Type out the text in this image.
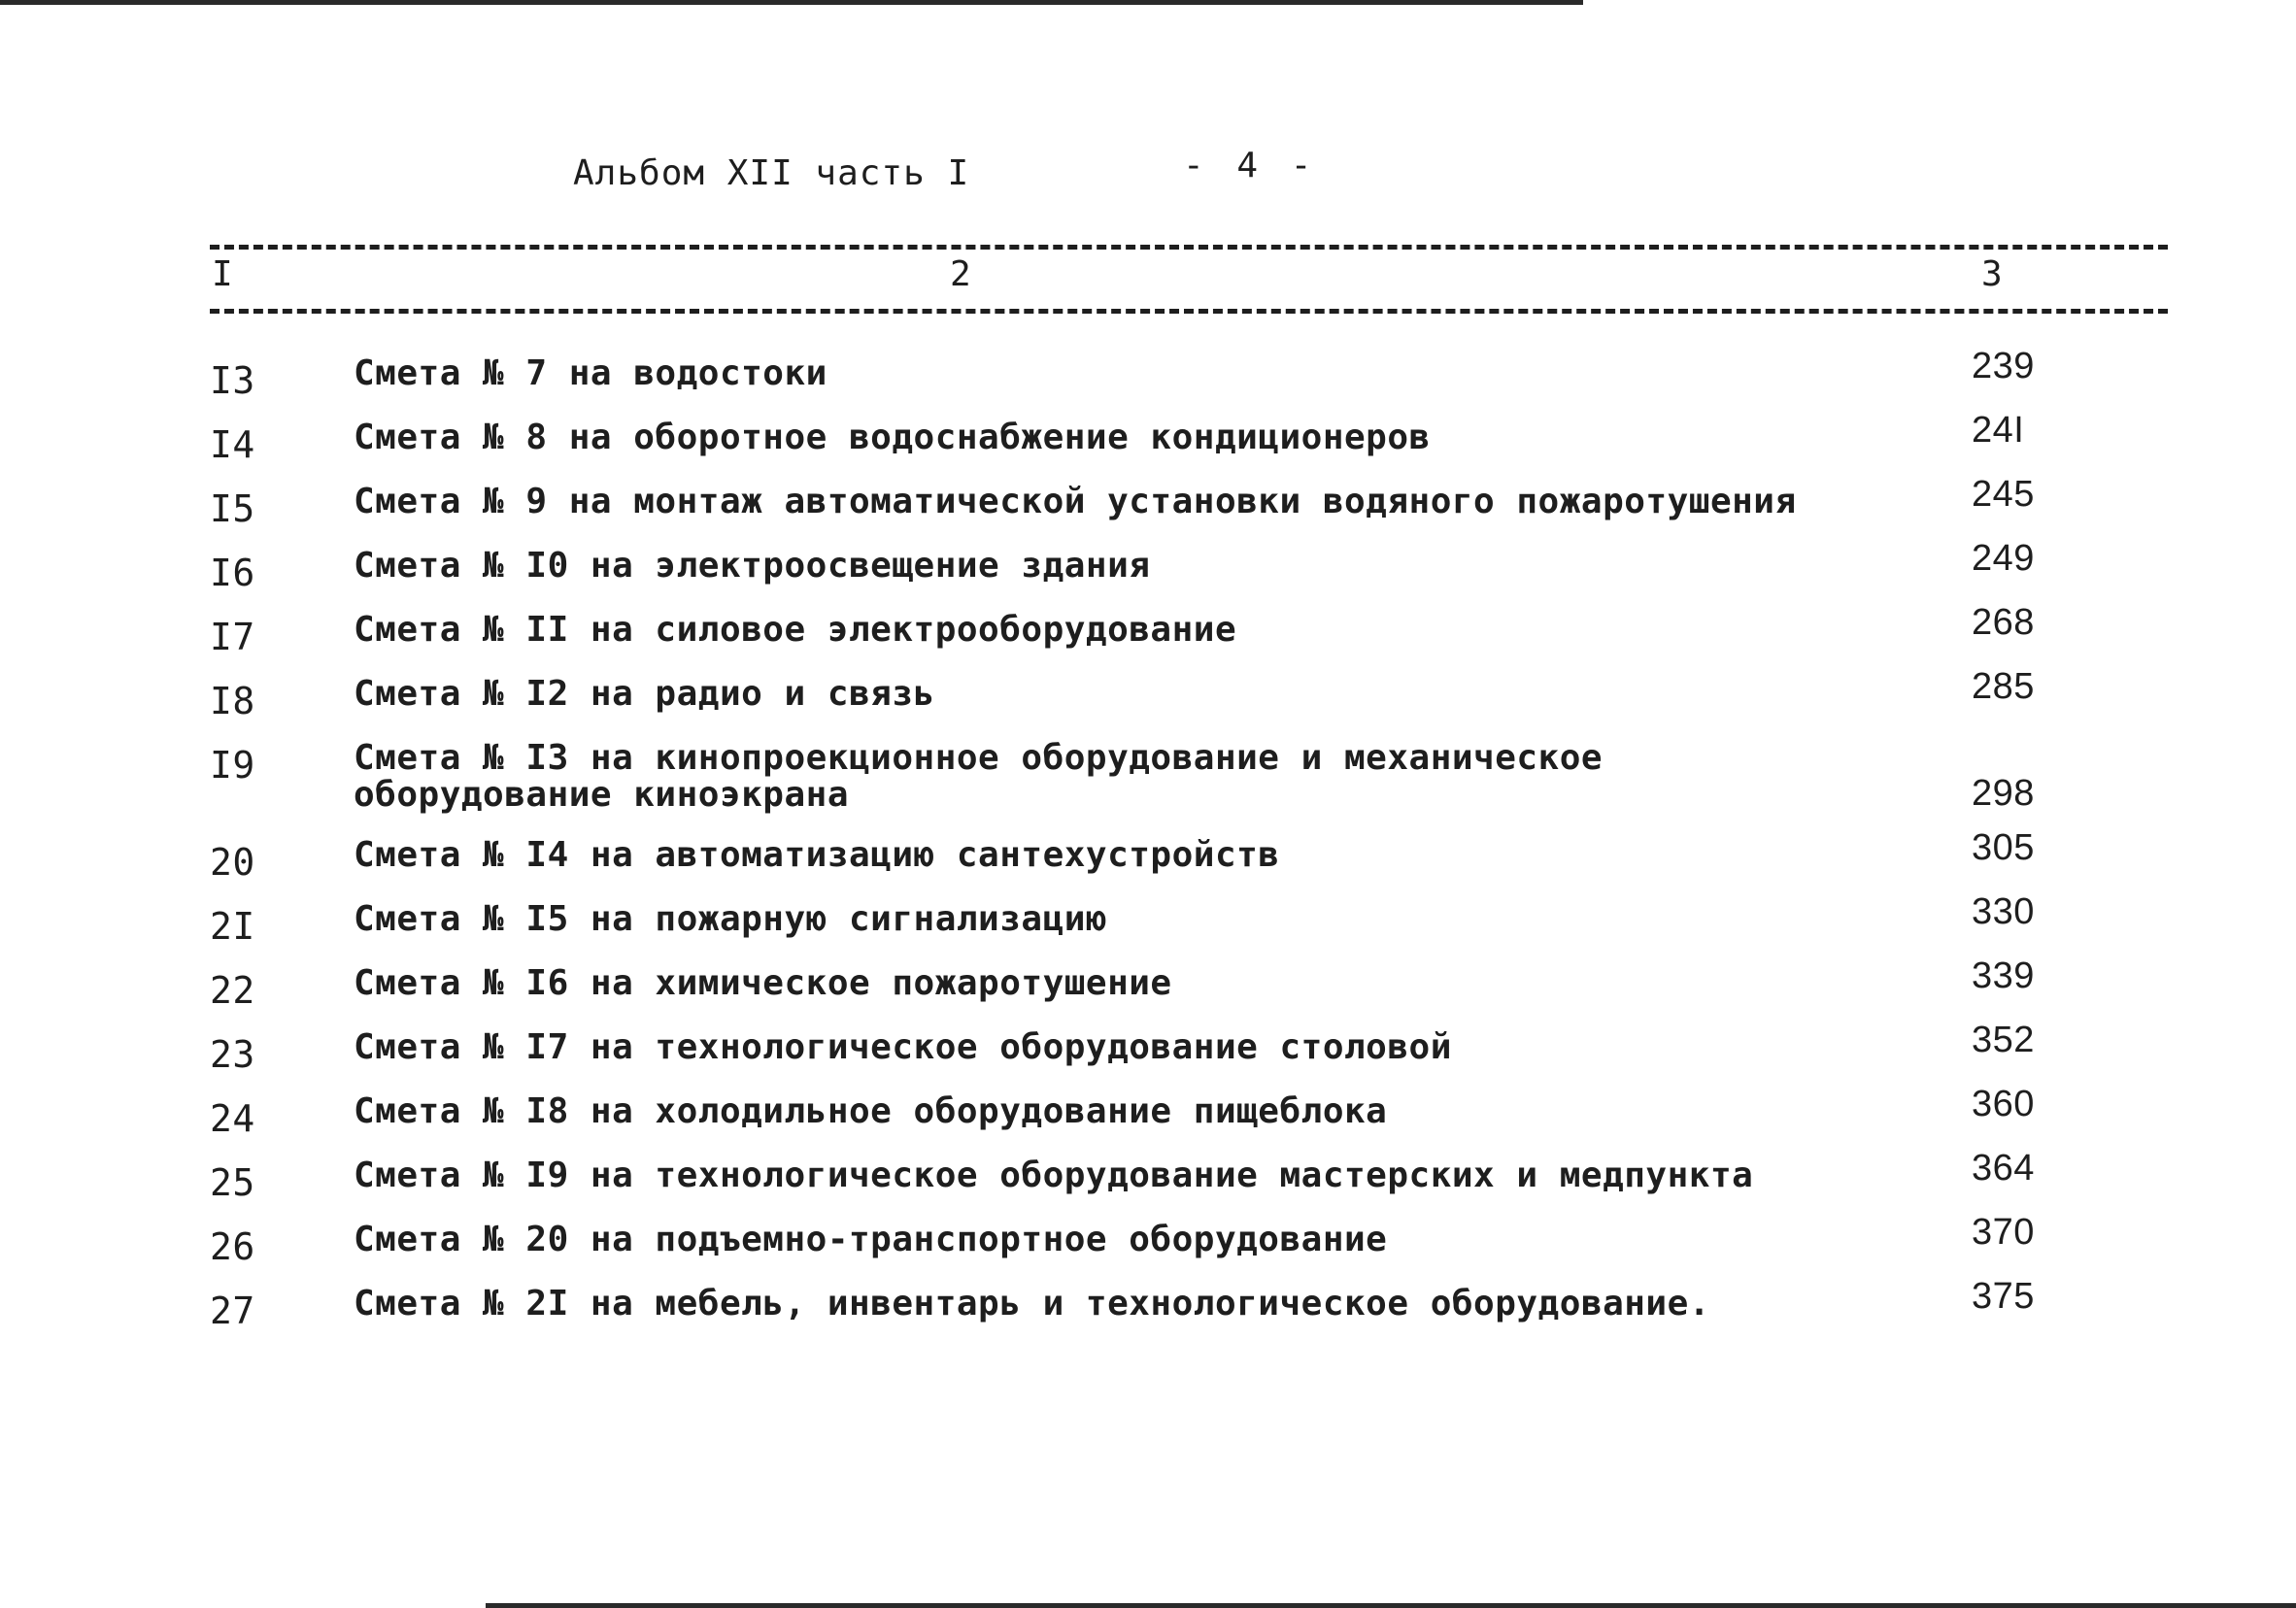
Альбом XII часть I	- 4 -
I	2	3
I3	Смета № 7 на водостоки	239
I4	Смета № 8 на оборотное водоснабжение кондиционеров	24I
I5	Смета № 9 на монтаж автоматической установки водяного пожаротушения	245
I6	Смета № I0 на электроосвещение здания	249
I7	Смета № II на силовое электрооборудование	268
I8	Смета № I2 на радио и связь	285
I9	Смета № I3 на кинопроекционное оборудование и механическое оборудование киноэкрана	298
20	Смета № I4 на автоматизацию сантехустройств	305
2I	Смета № I5 на пожарную сигнализацию	330
22	Смета № I6 на химическое пожаротушение	339
23	Смета № I7 на технологическое оборудование столовой	352
24	Смета № I8 на холодильное оборудование пищеблока	360
25	Смета № I9 на технологическое оборудование мастерских и медпункта	364
26	Смета № 20 на подъемно-транспортное оборудование	370
27	Смета № 2I на мебель, инвентарь и технологическое оборудование.	375
